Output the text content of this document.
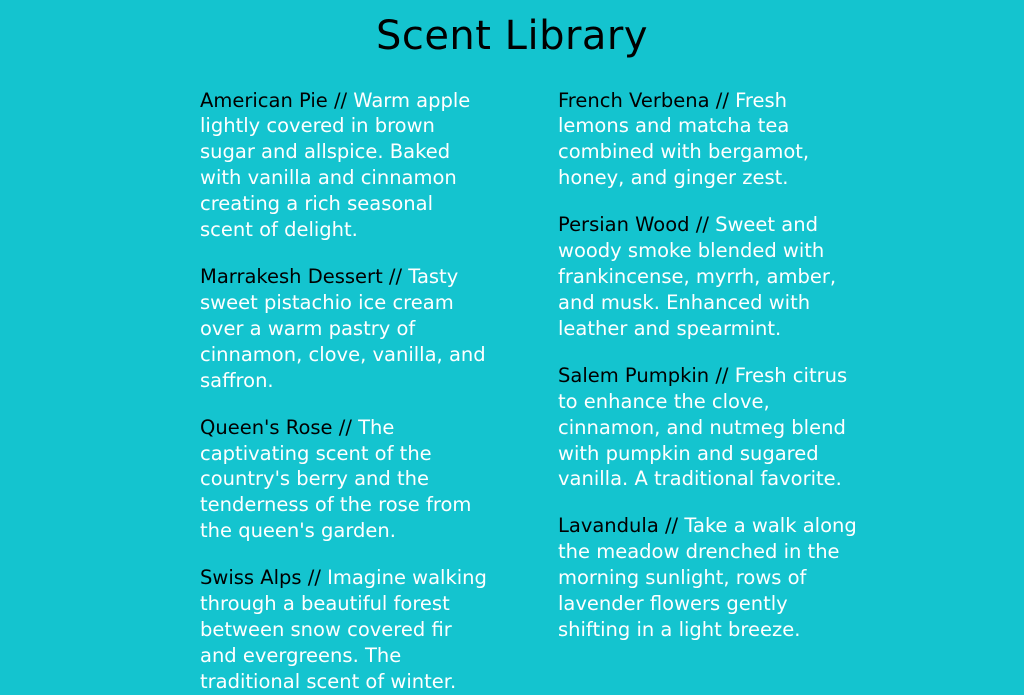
Scent Library

American Pie // Warm apple lightly covered in brown sugar and allspice. Baked with vanilla and cinnamon creating a rich seasonal scent of delight.

Marrakesh Dessert // Tasty sweet pistachio ice cream over a warm pastry of cinnamon, clove, vanilla, and saffron.

Queen's Rose // The captivating scent of the country's berry and the tenderness of the rose from the queen's garden.

Swiss Alps // Imagine walking through a beautiful forest between snow covered fir and evergreens. The traditional scent of winter.

French Verbena // Fresh lemons and matcha tea combined with bergamot, honey, and ginger zest.

Persian Wood // Sweet and woody smoke blended with frankincense, myrrh, amber, and musk. Enhanced with leather and spearmint.

Salem Pumpkin // Fresh citrus to enhance the clove, cinnamon, and nutmeg blend with pumpkin and sugared vanilla. A traditional favorite.

Lavandula // Take a walk along the meadow drenched in the morning sunlight, rows of lavender flowers gently shifting in a light breeze.
